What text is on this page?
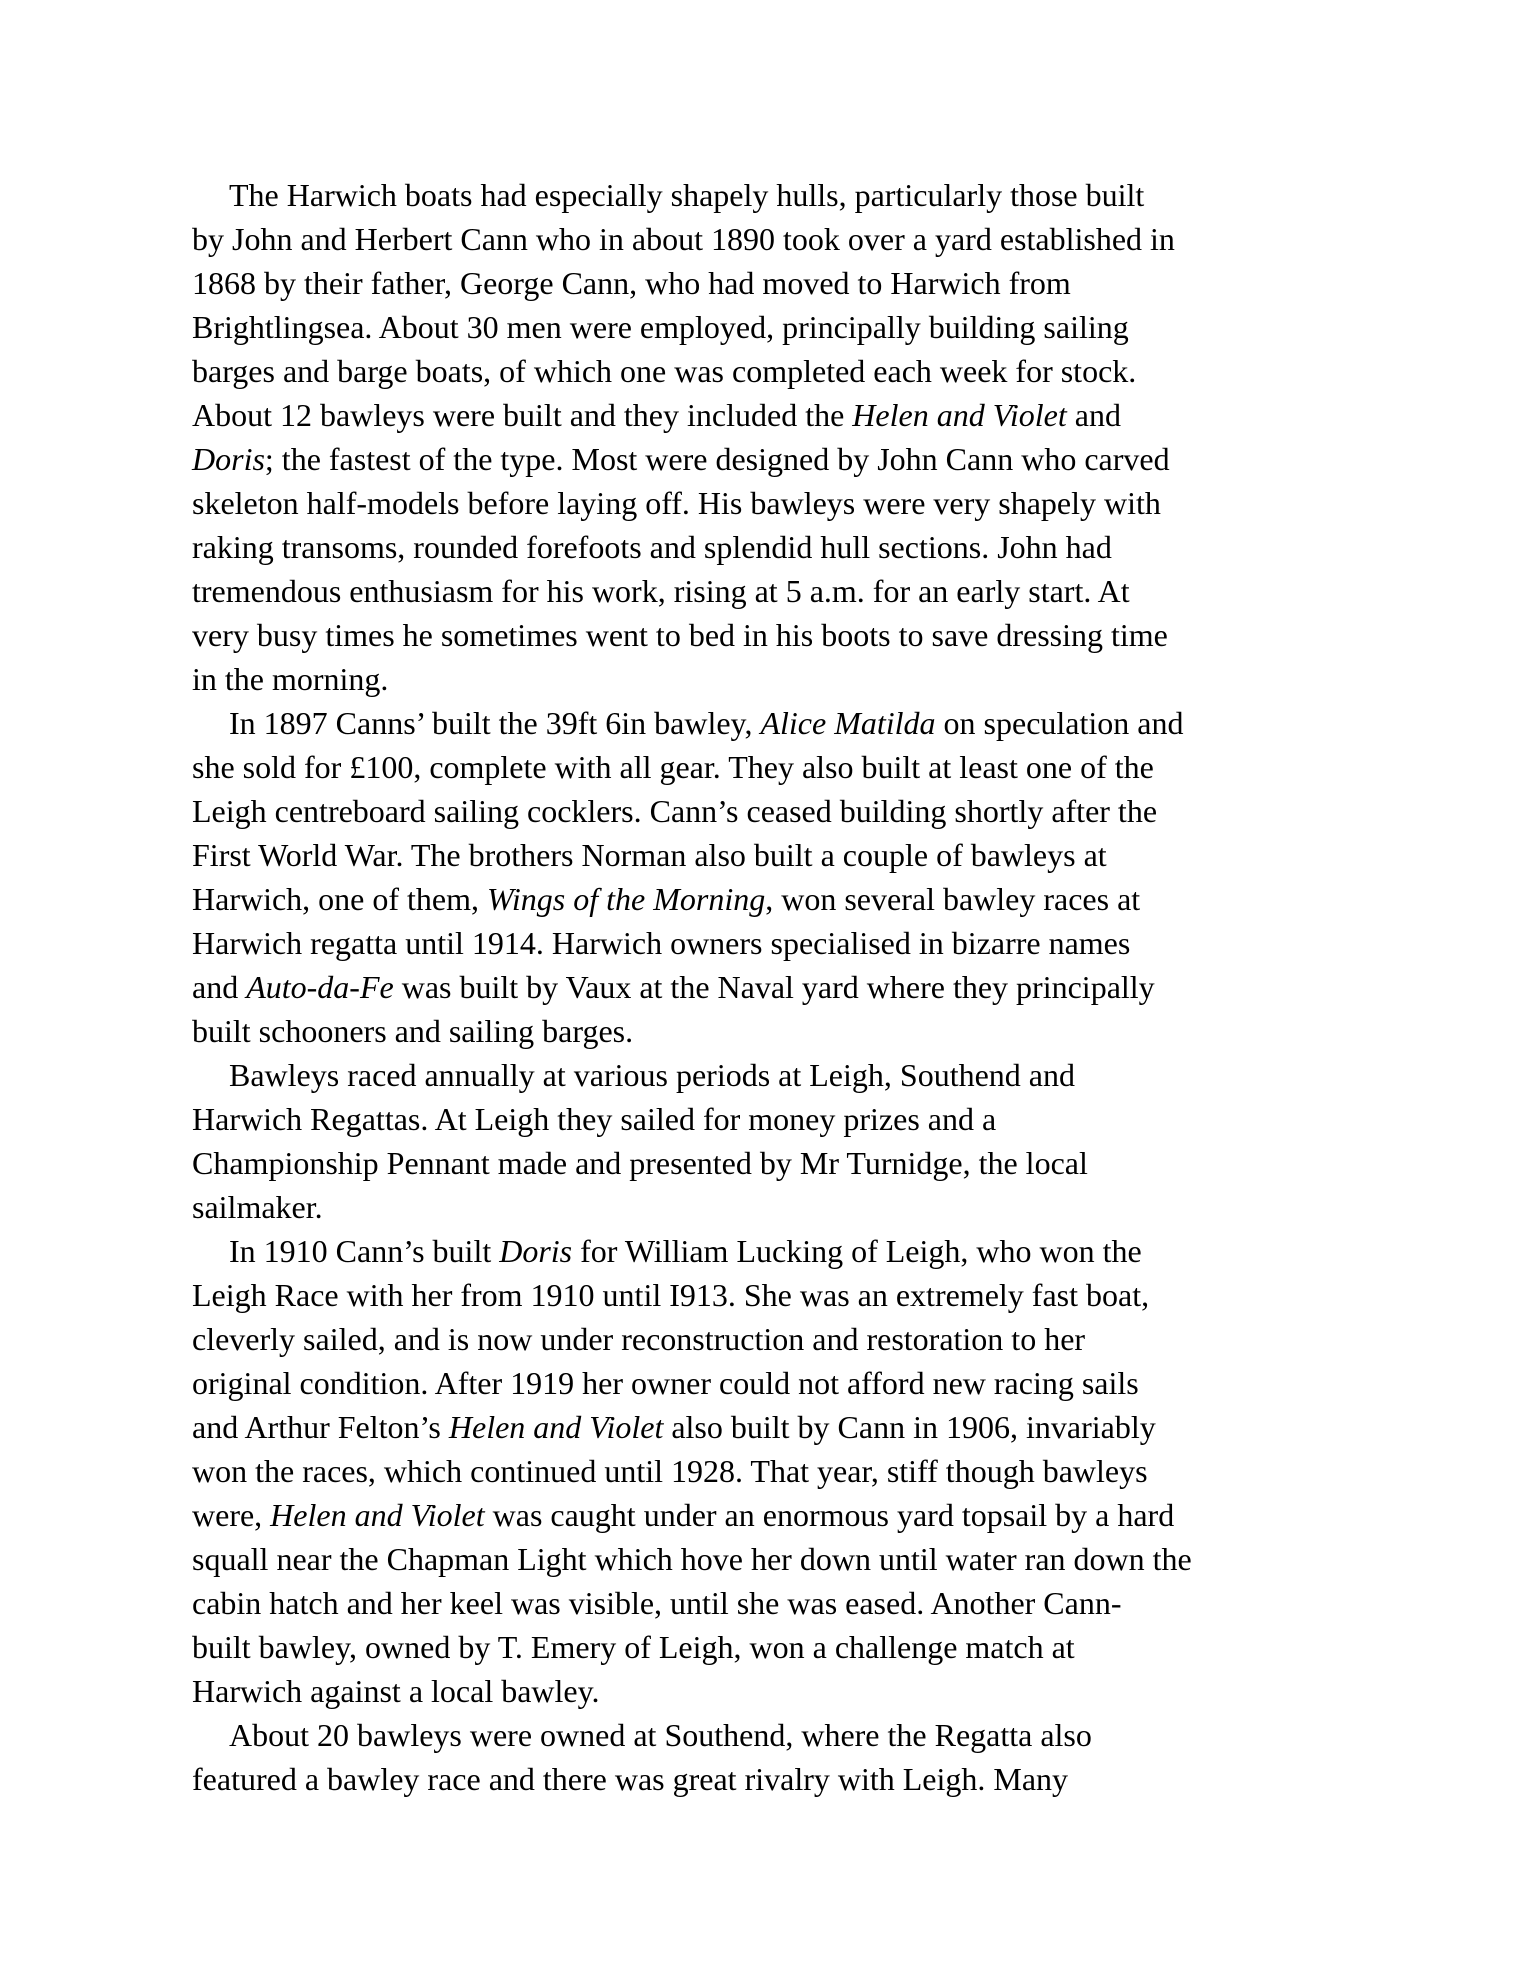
The Harwich boats had especially shapely hulls, particularly those built
by John and Herbert Cann who in about 1890 took over a yard established in
1868 by their father, George Cann, who had moved to Harwich from
Brightlingsea. About 30 men were employed, principally building sailing
barges and barge boats, of which one was completed each week for stock.
About 12 bawleys were built and they included the Helen and Violet and
Doris; the fastest of the type. Most were designed by John Cann who carved
skeleton half-models before laying off. His bawleys were very shapely with
raking transoms, rounded forefoots and splendid hull sections. John had
tremendous enthusiasm for his work, rising at 5 a.m. for an early start. At
very busy times he sometimes went to bed in his boots to save dressing time
in the morning.
In 1897 Canns’ built the 39ft 6in bawley, Alice Matilda on speculation and
she sold for £100, complete with all gear. They also built at least one of the
Leigh centreboard sailing cocklers. Cann’s ceased building shortly after the
First World War. The brothers Norman also built a couple of bawleys at
Harwich, one of them, Wings of the Morning, won several bawley races at
Harwich regatta until 1914. Harwich owners specialised in bizarre names
and Auto-da-Fe was built by Vaux at the Naval yard where they principally
built schooners and sailing barges.
Bawleys raced annually at various periods at Leigh, Southend and
Harwich Regattas. At Leigh they sailed for money prizes and a
Championship Pennant made and presented by Mr Turnidge, the local
sailmaker.
In 1910 Cann’s built Doris for William Lucking of Leigh, who won the
Leigh Race with her from 1910 until I913. She was an extremely fast boat,
cleverly sailed, and is now under reconstruction and restoration to her
original condition. After 1919 her owner could not afford new racing sails
and Arthur Felton’s Helen and Violet also built by Cann in 1906, invariably
won the races, which continued until 1928. That year, stiff though bawleys
were, Helen and Violet was caught under an enormous yard topsail by a hard
squall near the Chapman Light which hove her down until water ran down the
cabin hatch and her keel was visible, until she was eased. Another Cann-
built bawley, owned by T. Emery of Leigh, won a challenge match at
Harwich against a local bawley.
About 20 bawleys were owned at Southend, where the Regatta also
featured a bawley race and there was great rivalry with Leigh. Many
